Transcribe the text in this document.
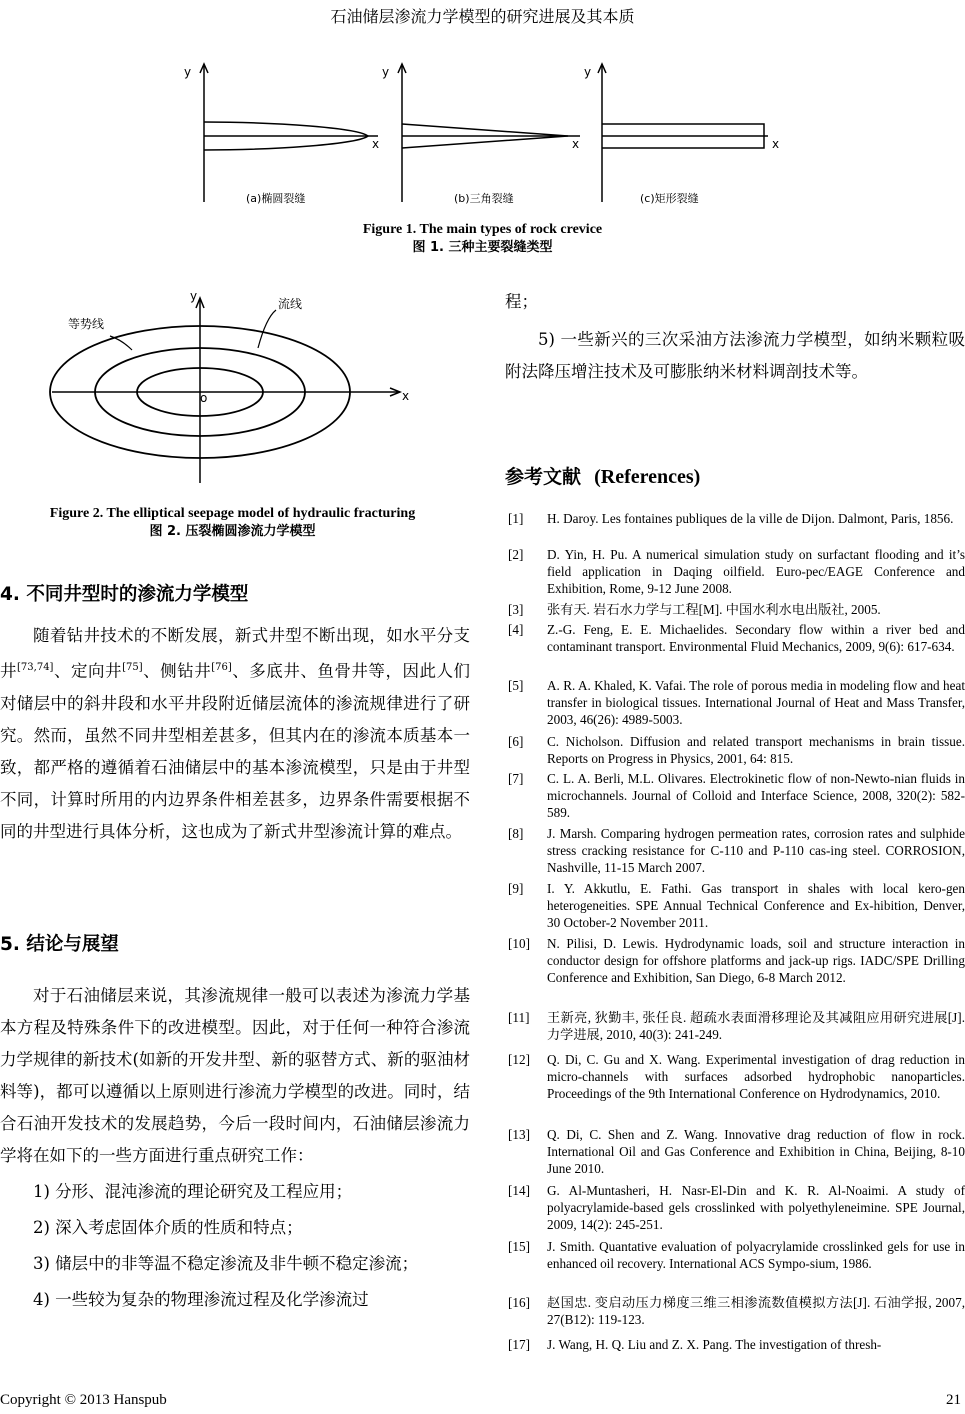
石油储层渗流力学模型的研究进展及其本质
y
x
(a)椭圆裂缝
y
x
(b)三角裂缝
y
x
(c)矩形裂缝
Figure 1. The main types of rock crevice
图 1. 三种主要裂缝类型
y
x
o
等势线
流线
Figure 2. The elliptical seepage model of hydraulic fracturing
图 2. 压裂椭圆渗流力学模型
4. 不同井型时的渗流力学模型

随着钻井技术的不断发展，新式井型不断出现，如水平分支井[73,74]、定向井[75]、侧钻井[76]、多底井、鱼骨井等，因此人们对储层中的斜井段和水平井段附近储层流体的渗流规律进行了研究。然而，虽然不同井型相差甚多，但其内在的渗流本质基本一致，都严格的遵循着石油储层中的基本渗流模型，只是由于井型不同，计算时所用的内边界条件相差甚多，边界条件需要根据不同的井型进行具体分析，这也成为了新式井型渗流计算的难点。

5. 结论与展望

对于石油储层来说，其渗流规律一般可以表述为渗流力学基本方程及特殊条件下的改进模型。因此，对于任何一种符合渗流力学规律的新技术(如新的开发井型、新的驱替方式、新的驱油材料等)，都可以遵循以上原则进行渗流力学模型的改进。同时，结合石油开发技术的发展趋势，今后一段时间内，石油储层渗流力学将在如下的一些方面进行重点研究工作：

1) 分形、混沌渗流的理论研究及工程应用；

2) 深入考虑固体介质的性质和特点；

3) 储层中的非等温不稳定渗流及非牛顿不稳定渗流；

4) 一些较为复杂的物理渗流过程及化学渗流过

程；

5) 一些新兴的三次采油方法渗流力学模型，如纳米颗粒吸附法降压增注技术及可膨胀纳米材料调剖技术等。

参考文献 (References)
[1] H. Daroy. Les fontaines publiques de la ville de Dijon. Dalmont, Paris, 1856.
[2] D. Yin, H. Pu. A numerical simulation study on surfactant flooding and it’s field application in Daqing oilfield. Euro-pec/EAGE Conference and Exhibition, Rome, 9-12 June 2008.
[3] 张有天. 岩石水力学与工程[M]. 中国水利水电出版社, 2005.
[4] Z.-G. Feng, E. E. Michaelides. Secondary flow within a river bed and contaminant transport. Environmental Fluid Mechanics, 2009, 9(6): 617-634.
[5] A. R. A. Khaled, K. Vafai. The role of porous media in modeling flow and heat transfer in biological tissues. International Journal of Heat and Mass Transfer, 2003, 46(26): 4989-5003.
[6] C. Nicholson. Diffusion and related transport mechanisms in brain tissue. Reports on Progress in Physics, 2001, 64: 815.
[7] C. L. A. Berli, M.L. Olivares. Electrokinetic flow of non-Newto-nian fluids in microchannels. Journal of Colloid and Interface Science, 2008, 320(2): 582-589.
[8] J. Marsh. Comparing hydrogen permeation rates, corrosion rates and sulphide stress cracking resistance for C-110 and P-110 cas-ing steel. CORROSION, Nashville, 11-15 March 2007.
[9] I. Y. Akkutlu, E. Fathi. Gas transport in shales with local kero-gen heterogeneities. SPE Annual Technical Conference and Ex-hibition, Denver, 30 October-2 November 2011.
[10] N. Pilisi, D. Lewis. Hydrodynamic loads, soil and structure interaction in conductor design for offshore platforms and jack-up rigs. IADC/SPE Drilling Conference and Exhibition, San Diego, 6-8 March 2012.
[11] 王新亮, 狄勤丰, 张任良. 超疏水表面滑移理论及其减阻应用研究进展[J]. 力学进展, 2010, 40(3): 241-249.
[12] Q. Di, C. Gu and X. Wang. Experimental investigation of drag reduction in micro-channels with surfaces adsorbed hydrophobic nanoparticles. Proceedings of the 9th International Conference on Hydrodynamics, 2010.
[13] Q. Di, C. Shen and Z. Wang. Innovative drag reduction of flow in rock. International Oil and Gas Conference and Exhibition in China, Beijing, 8-10 June 2010.
[14] G. Al-Muntasheri, H. Nasr-El-Din and K. R. Al-Noaimi. A study of polyacrylamide-based gels crosslinked with polyethyleneimine. SPE Journal, 2009, 14(2): 245-251.
[15] J. Smith. Quantative evaluation of polyacrylamide crosslinked gels for use in enhanced oil recovery. International ACS Sympo-sium, 1986.
[16] 赵国忠. 变启动压力梯度三维三相渗流数值模拟方法[J]. 石油学报, 2007, 27(B12): 119-123.
[17] J. Wang, H. Q. Liu and Z. X. Pang. The investigation of thresh-
Copyright © 2013 Hanspub	21
